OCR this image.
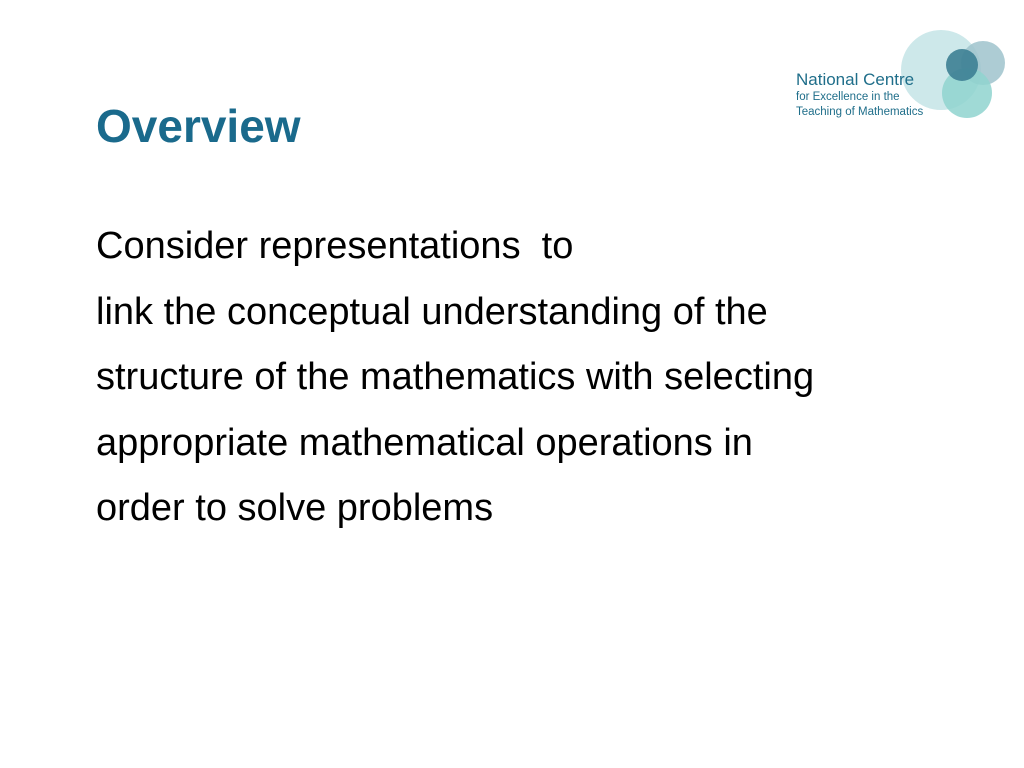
Overview
National Centre
for Excellence in the
Teaching of Mathematics
Consider representations  to
link the conceptual understanding of the
structure of the mathematics with selecting
appropriate mathematical operations in
order to solve problems
